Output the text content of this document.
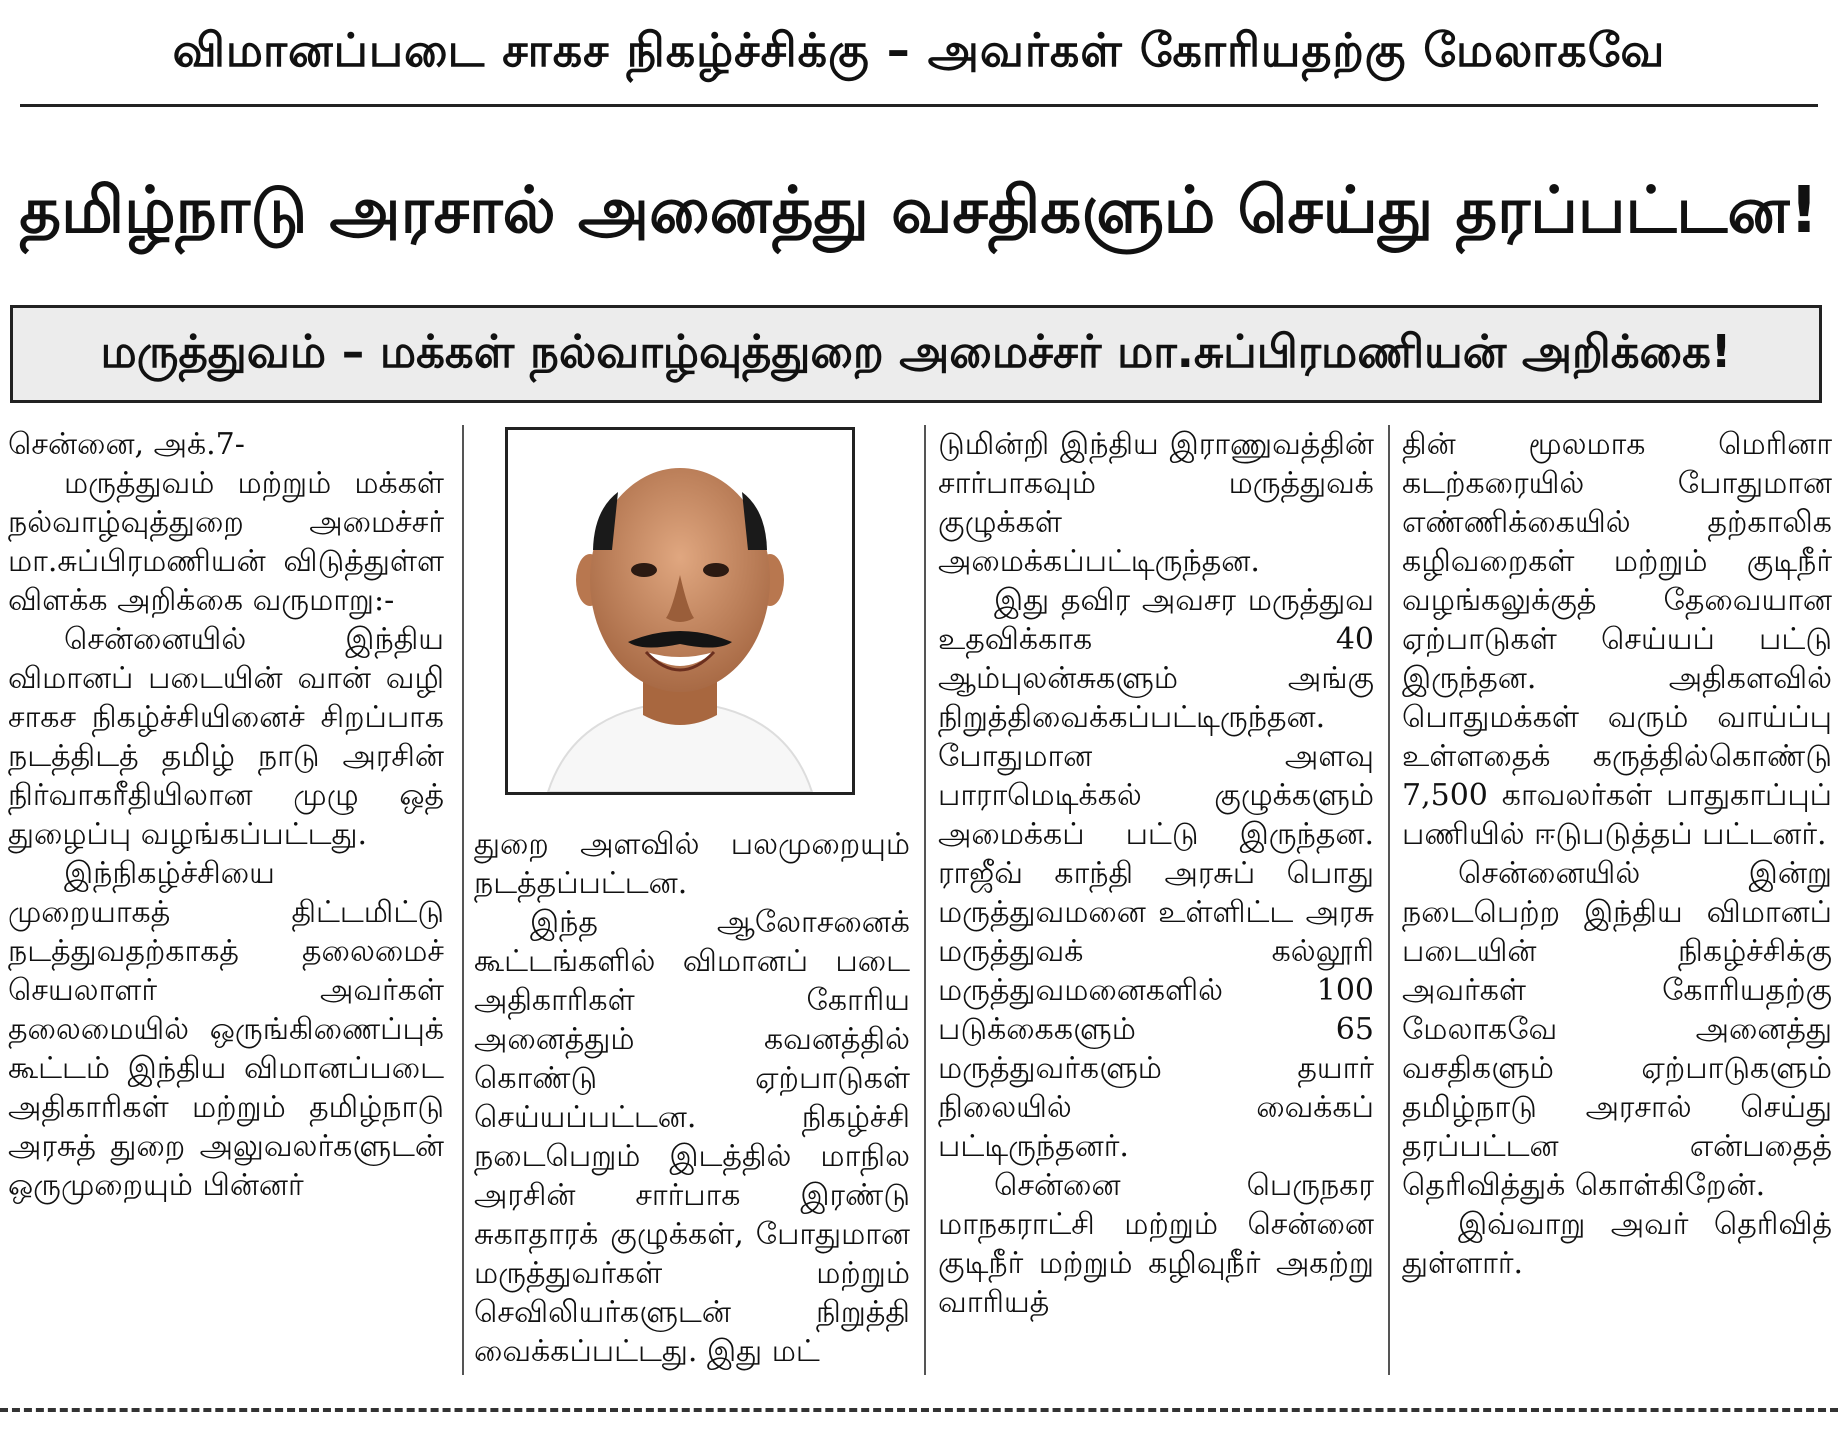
விமானப்படை சாகச நிகழ்ச்சிக்கு – அவர்கள் கோரியதற்கு மேலாகவே
தமிழ்நாடு அரசால் அனைத்து வசதிகளும் செய்து தரப்பட்டன!
மருத்துவம் – மக்கள் நல்வாழ்வுத்துறை அமைச்சர் மா.சுப்பிரமணியன் அறிக்கை!

சென்னை, அக்.7-

மருத்துவம் மற்றும் மக்கள் நல்வாழ்வுத்துறை அமைச்சர் மா.சுப்பிரமணியன் விடுத்துள்ள விளக்க அறிக்கை வருமாறு:-

சென்னையில் இந்திய விமானப் படையின் வான் வழி சாகச நிகழ்ச்சியினைச் சிறப்பாக நடத்திடத் தமிழ் நாடு அரசின் நிர்வாகரீதியிலான முழு ஒத் துழைப்பு வழங்கப்பட்டது.

இந்நிகழ்ச்சியை முறையாகத் திட்டமிட்டு நடத்துவதற்காகத் தலைமைச் செயலாளர் அவர்கள் தலைமையில் ஒருங்கிணைப்புக் கூட்டம் இந்திய விமானப்படை அதிகாரிகள் மற்றும் தமிழ்நாடு அரசுத் துறை அலுவலர்களுடன் ஒருமுறையும் பின்னர்

துறை அளவில் பலமுறையும் நடத்தப்பட்டன.

இந்த ஆலோசனைக் கூட்டங்களில் விமானப் படை அதிகாரிகள் கோரிய அனைத்தும் கவனத்தில் கொண்டு ஏற்பாடுகள் செய்யப்பட்டன. நிகழ்ச்சி நடைபெறும் இடத்தில் மாநில அரசின் சார்பாக இரண்டு சுகாதாரக் குழுக்கள், போதுமான மருத்துவர்கள் மற்றும் செவிலியர்களுடன் நிறுத்தி வைக்கப்பட்டது. இது மட்

டுமின்றி இந்திய இராணுவத்தின் சார்பாகவும் மருத்துவக் குழுக்கள் அமைக்கப்பட்டிருந்தன.

இது தவிர அவசர மருத்துவ உதவிக்காக 40 ஆம்புலன்சுகளும் அங்கு நிறுத்திவைக்கப்பட்டிருந்தன. போதுமான அளவு பாராமெடிக்கல் குழுக்களும் அமைக்கப் பட்டு இருந்தன. ராஜீவ் காந்தி அரசுப் பொது மருத்துவமனை உள்ளிட்ட அரசு மருத்துவக் கல்லூரி மருத்துவமனைகளில் 100 படுக்கைகளும் 65 மருத்துவர்களும் தயார் நிலையில் வைக்கப் பட்டிருந்தனர்.

சென்னை பெருநகர மாநகராட்சி மற்றும் சென்னை குடிநீர் மற்றும் கழிவுநீர் அகற்று வாரியத்

தின் மூலமாக மெரினா கடற்கரையில் போதுமான எண்ணிக்கையில் தற்காலிக கழிவறைகள் மற்றும் குடிநீர் வழங்கலுக்குத் தேவையான ஏற்பாடுகள் செய்யப் பட்டு இருந்தன. அதிகளவில் பொதுமக்கள் வரும் வாய்ப்பு உள்ளதைக் கருத்தில்கொண்டு 7,500 காவலர்கள் பாதுகாப்புப் பணியில் ஈடுபடுத்தப் பட்டனர்.

சென்னையில் இன்று நடைபெற்ற இந்திய விமானப் படையின் நிகழ்ச்சிக்கு அவர்கள் கோரியதற்கு மேலாகவே அனைத்து வசதிகளும் ஏற்பாடுகளும் தமிழ்நாடு அரசால் செய்து தரப்பட்டன என்பதைத் தெரிவித்துக் கொள்கிறேன்.

இவ்வாறு அவர் தெரிவித் துள்ளார்.
